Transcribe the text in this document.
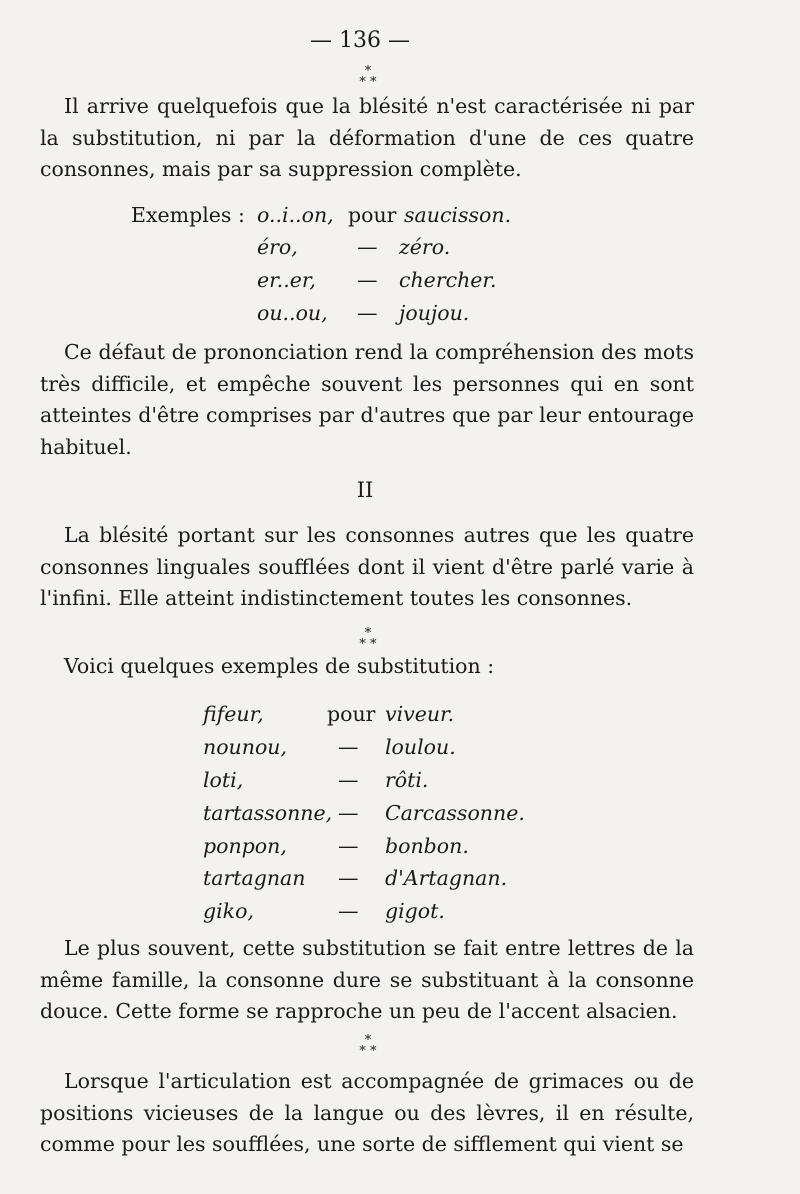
— 136 —
*
* *

Il arrive quelquefois que la blésité n'est caractérisée ni par la substitution, ni par la déformation d'une de ces quatre consonnes, mais par sa suppression complète.

Exemples : o..i..on, pour saucisson.
éro,	— zéro.
er..er, — chercher.
ou..ou, — joujou.

Ce défaut de prononciation rend la compréhension des mots très difficile, et empêche souvent les personnes qui en sont atteintes d'être comprises par d'autres que par leur entourage habituel.

II

La blésité portant sur les consonnes autres que les quatre consonnes linguales soufflées dont il vient d'être parlé varie à l'infini. Elle atteint indistinctement toutes les consonnes.

*
* *

Voici quelques exemples de substitution :

fifeur,	pour viveur.
nounou, — loulou.
loti,	— rôti.
tartassonne, — Carcassonne.
ponpon, — bonbon.
tartagnan — d'Artagnan.
giko,	— gigot.

Le plus souvent, cette substitution se fait entre lettres de la même famille, la consonne dure se substituant à la consonne douce. Cette forme se rapproche un peu de l'accent alsacien.

*
* *

Lorsque l'articulation est accompagnée de grimaces ou de positions vicieuses de la langue ou des lèvres, il en résulte, comme pour les soufflées, une sorte de sifflement qui vient se
